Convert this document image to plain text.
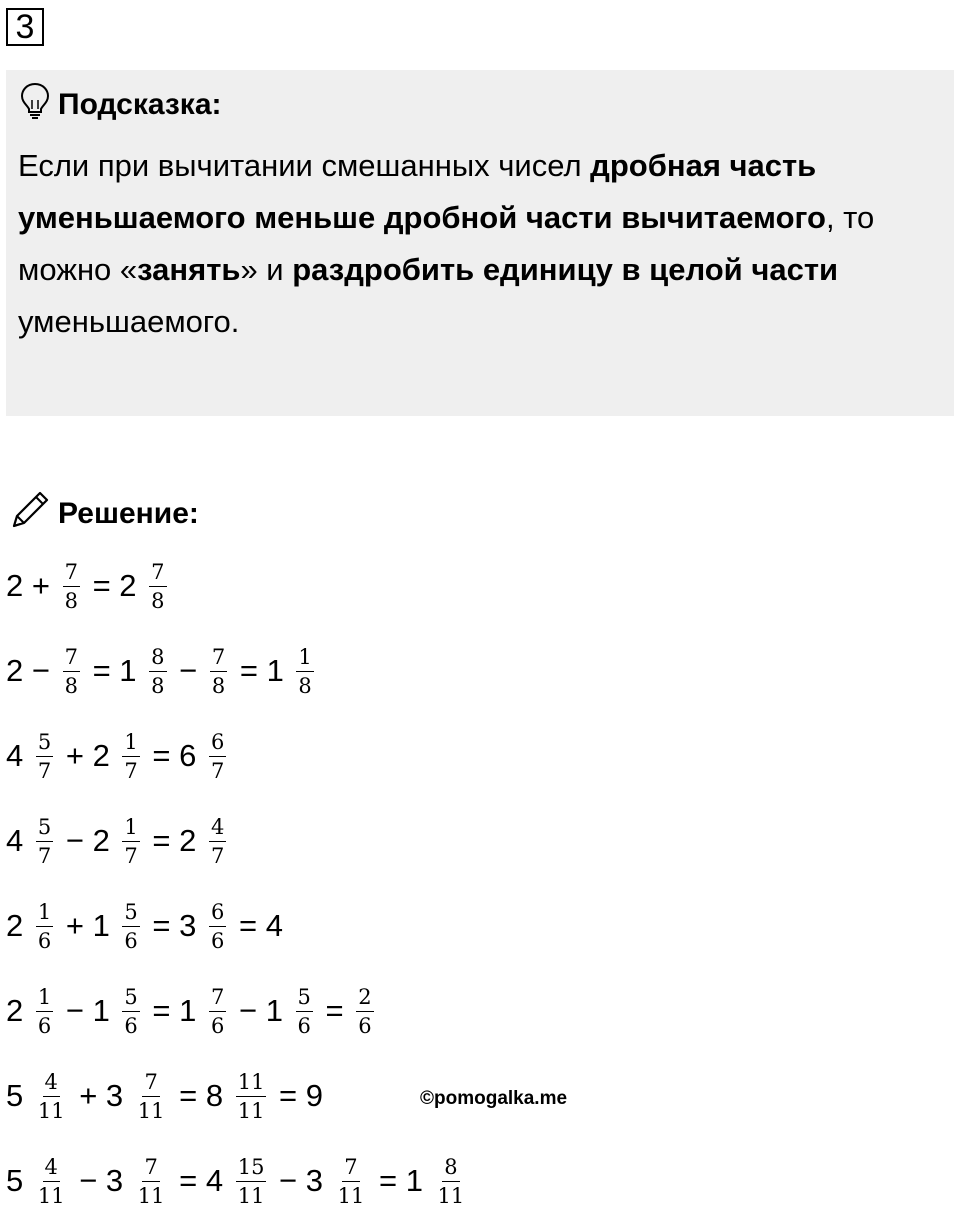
3
Подсказка:
Если при вычитании смешанных чисел дробная часть уменьшаемого меньше дробной части вычитаемого, то можно «занять» и раздробить единицу в целой части уменьшаемого.
Решение:
$2 + \frac{7}{8} = 2 \frac{7}{8}$
$2 - \frac{7}{8} = 1 \frac{8}{8} - \frac{7}{8} = 1 \frac{1}{8}$
$4 \frac{5}{7} + 2 \frac{1}{7} = 6 \frac{6}{7}$
$4 \frac{5}{7} - 2 \frac{1}{7} = 2 \frac{4}{7}$
$2 \frac{1}{6} + 1 \frac{5}{6} = 3 \frac{6}{6} = 4$
$2 \frac{1}{6} - 1 \frac{5}{6} = 1 \frac{7}{6} - 1 \frac{5}{6} = \frac{2}{6}$
$5 \frac{4}{11} + 3 \frac{7}{11} = 8 \frac{11}{11} = 9$
$5 \frac{4}{11} - 3 \frac{7}{11} = 4 \frac{15}{11} - 3 \frac{7}{11} = 1 \frac{8}{11}$
©pomogalka.me
